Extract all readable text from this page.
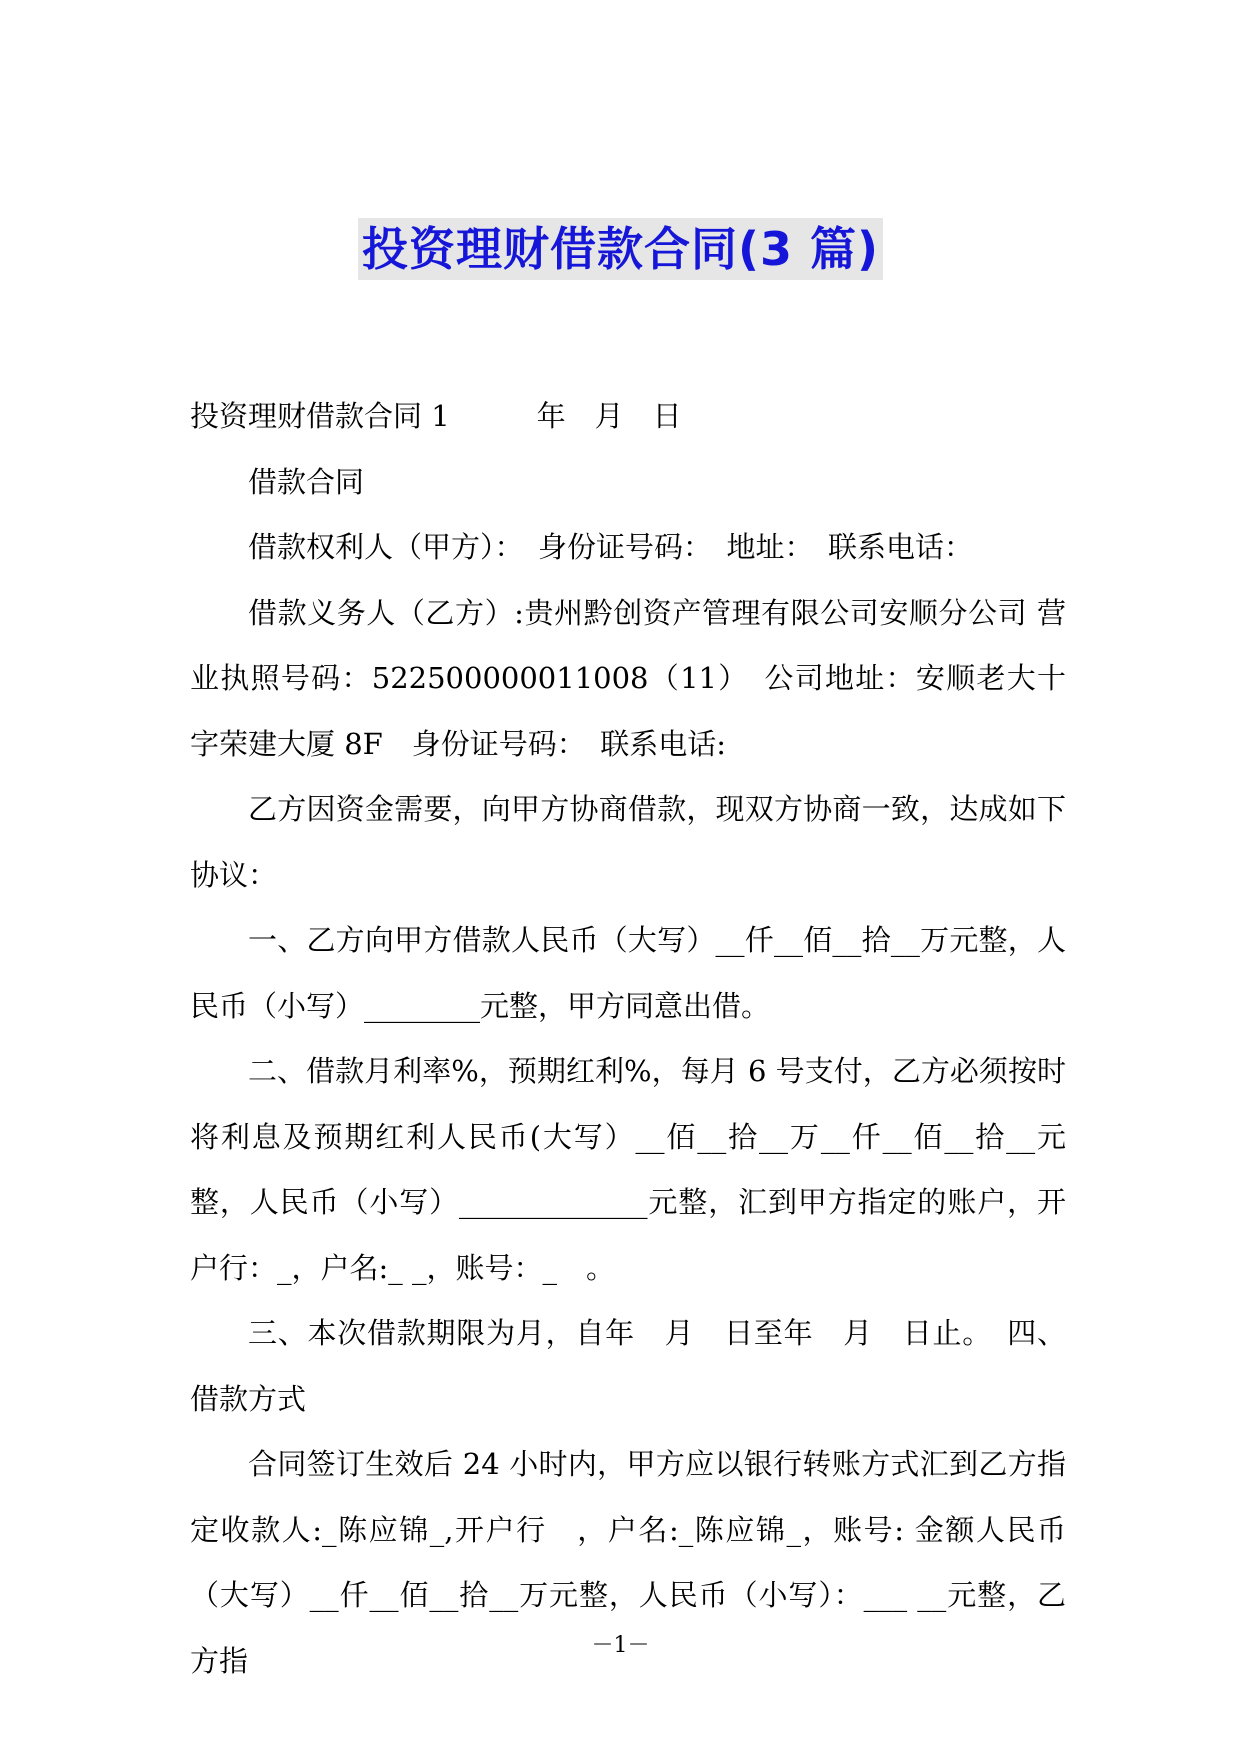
投资理财借款合同(3 篇)

投资理财借款合同 1　　　年　月　日

借款合同

借款权利人（甲方）：　身份证号码：　地址：　联系电话：

借款义务人（乙方）:贵州黔创资产管理有限公司安顺分公司 营业执照号码：522500000011008（11）　公司地址：安顺老大十字荣建大厦 8F　身份证号码：　联系电话:

乙方因资金需要，向甲方协商借款，现双方协商一致，达成如下协议：

一、乙方向甲方借款人民币（大写）__仟__佰__拾__万元整，人民币（小写）________元整，甲方同意出借。

二、借款月利率%，预期红利%，每月 6 号支付，乙方必须按时将利息及预期红利人民币(大写）__佰__拾__万__仟__佰__拾__元整，人民币（小写）_____________元整，汇到甲方指定的账户，开户行：_，户名:_ _，账号：_　。

三、本次借款期限为月，自年　月　日至年　月　日止。　四、借款方式

合同签订生效后 24 小时内，甲方应以银行转账方式汇到乙方指定收款人:_陈应锦_,开户行　，户名:_陈应锦_，账号: 金额人民币（大写）__仟__佰__拾__万元整，人民币（小写）：___ __元整，乙方指	－1－
